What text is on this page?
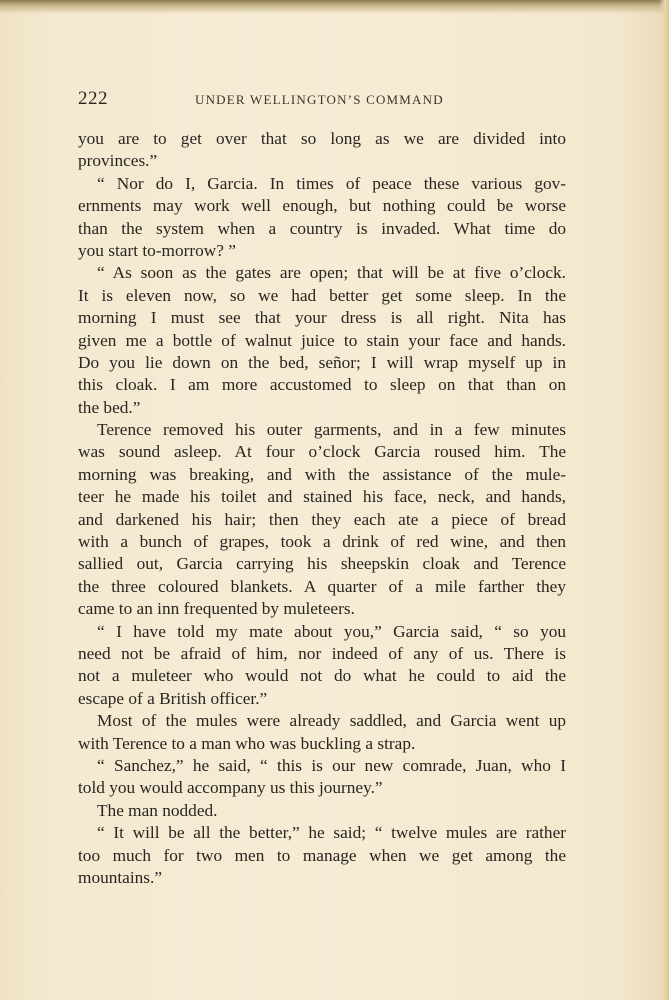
222	UNDER WELLINGTON’S COMMAND
you are to get over that so long as we are divided into
provinces.”
“ Nor do I, Garcia. In times of peace these various gov-
ernments may work well enough, but nothing could be worse
than the system when a country is invaded. What time do
you start to-morrow? ”
“ As soon as the gates are open; that will be at five o’clock.
It is eleven now, so we had better get some sleep. In the
morning I must see that your dress is all right. Nita has
given me a bottle of walnut juice to stain your face and hands.
Do you lie down on the bed, señor; I will wrap myself up in
this cloak. I am more accustomed to sleep on that than on
the bed.”
Terence removed his outer garments, and in a few minutes
was sound asleep. At four o’clock Garcia roused him. The
morning was breaking, and with the assistance of the mule-
teer he made his toilet and stained his face, neck, and hands,
and darkened his hair; then they each ate a piece of bread
with a bunch of grapes, took a drink of red wine, and then
sallied out, Garcia carrying his sheepskin cloak and Terence
the three coloured blankets. A quarter of a mile farther they
came to an inn frequented by muleteers.
“ I have told my mate about you,” Garcia said, “ so you
need not be afraid of him, nor indeed of any of us. There is
not a muleteer who would not do what he could to aid the
escape of a British officer.”
Most of the mules were already saddled, and Garcia went up
with Terence to a man who was buckling a strap.
“ Sanchez,” he said, “ this is our new comrade, Juan, who I
told you would accompany us this journey.”
The man nodded.
“ It will be all the better,” he said; “ twelve mules are rather
too much for two men to manage when we get among the
mountains.”
